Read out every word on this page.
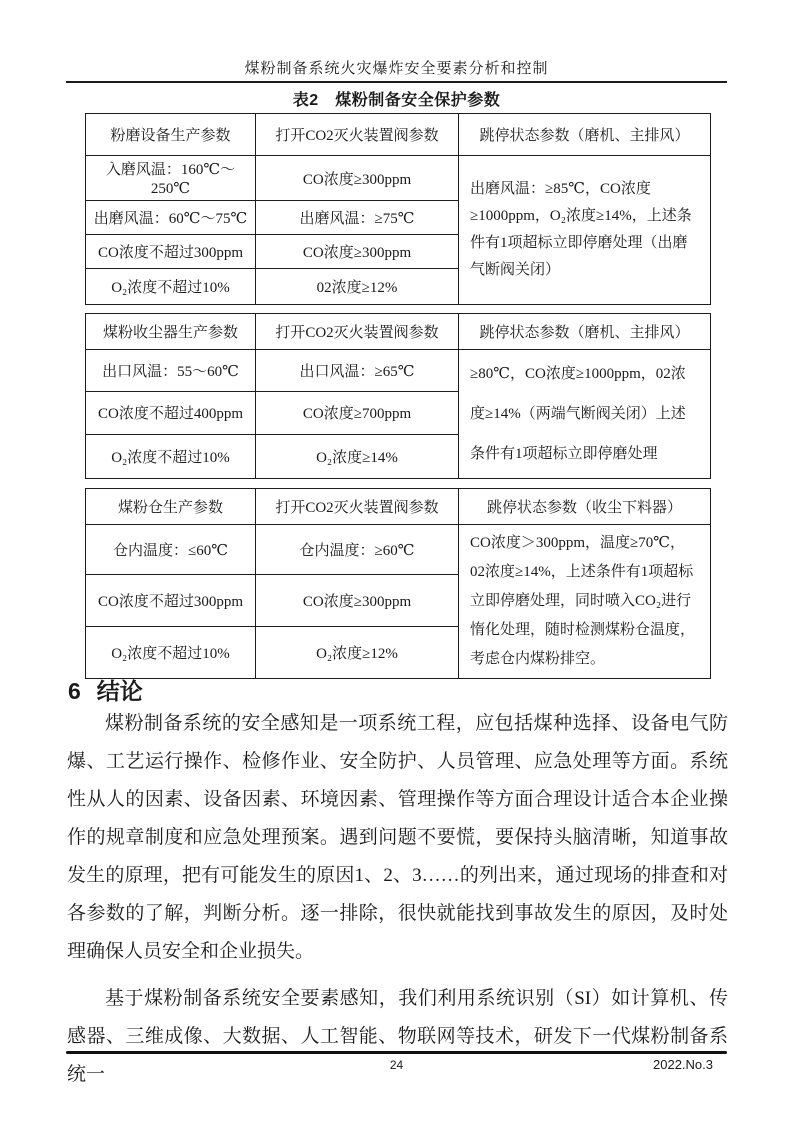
煤粉制备系统火灾爆炸安全要素分析和控制
表2　煤粉制备安全保护参数
粉磨设备生产参数	打开CO2灭火装置阀参数	跳停状态参数（磨机、主排风）
入磨风温：160℃～250℃	CO浓度≥300ppm	出磨风温：≥85℃，CO浓度≥1000ppm，O₂浓度≥14%，上述条件有1项超标立即停磨处理（出磨气断阀关闭）
出磨风温：60℃～75℃	出磨风温：≥75℃	
CO浓度不超过300ppm	CO浓度≥300ppm	
O₂浓度不超过10%	02浓度≥12%	
煤粉收尘器生产参数	打开CO2灭火装置阀参数	跳停状态参数（磨机、主排风）
出口风温：55～60℃	出口风温：≥65℃	≥80℃，CO浓度≥1000ppm，02浓度≥14%（两端气断阀关闭）上述条件有1项超标立即停磨处理
CO浓度不超过400ppm	CO浓度≥700ppm	
O₂浓度不超过10%	O₂浓度≥14%	
煤粉仓生产参数	打开CO2灭火装置阀参数	跳停状态参数（收尘下料器）
仓内温度：≤60℃	仓内温度：≥60℃	CO浓度＞300ppm，温度≥70℃，02浓度≥14%，上述条件有1项超标立即停磨处理，同时喷入CO₂进行惰化处理，随时检测煤粉仓温度，考虑仓内煤粉排空。
CO浓度不超过300ppm	CO浓度≥300ppm	
O₂浓度不超过10%	O₂浓度≥12%	
6 结论

煤粉制备系统的安全感知是一项系统工程，应包括煤种选择、设备电气防爆、工艺运行操作、检修作业、安全防护、人员管理、应急处理等方面。系统性从人的因素、设备因素、环境因素、管理操作等方面合理设计适合本企业操作的规章制度和应急处理预案。遇到问题不要慌，要保持头脑清晰，知道事故发生的原理，把有可能发生的原因1、2、3……的列出来，通过现场的排查和对各参数的了解，判断分析。逐一排除，很快就能找到事故发生的原因，及时处理确保人员安全和企业损失。

基于煤粉制备系统安全要素感知，我们利用系统识别（SI）如计算机、传感器、三维成像、大数据、人工智能、物联网等技术，研发下一代煤粉制备系统一	24	2022.No.3
